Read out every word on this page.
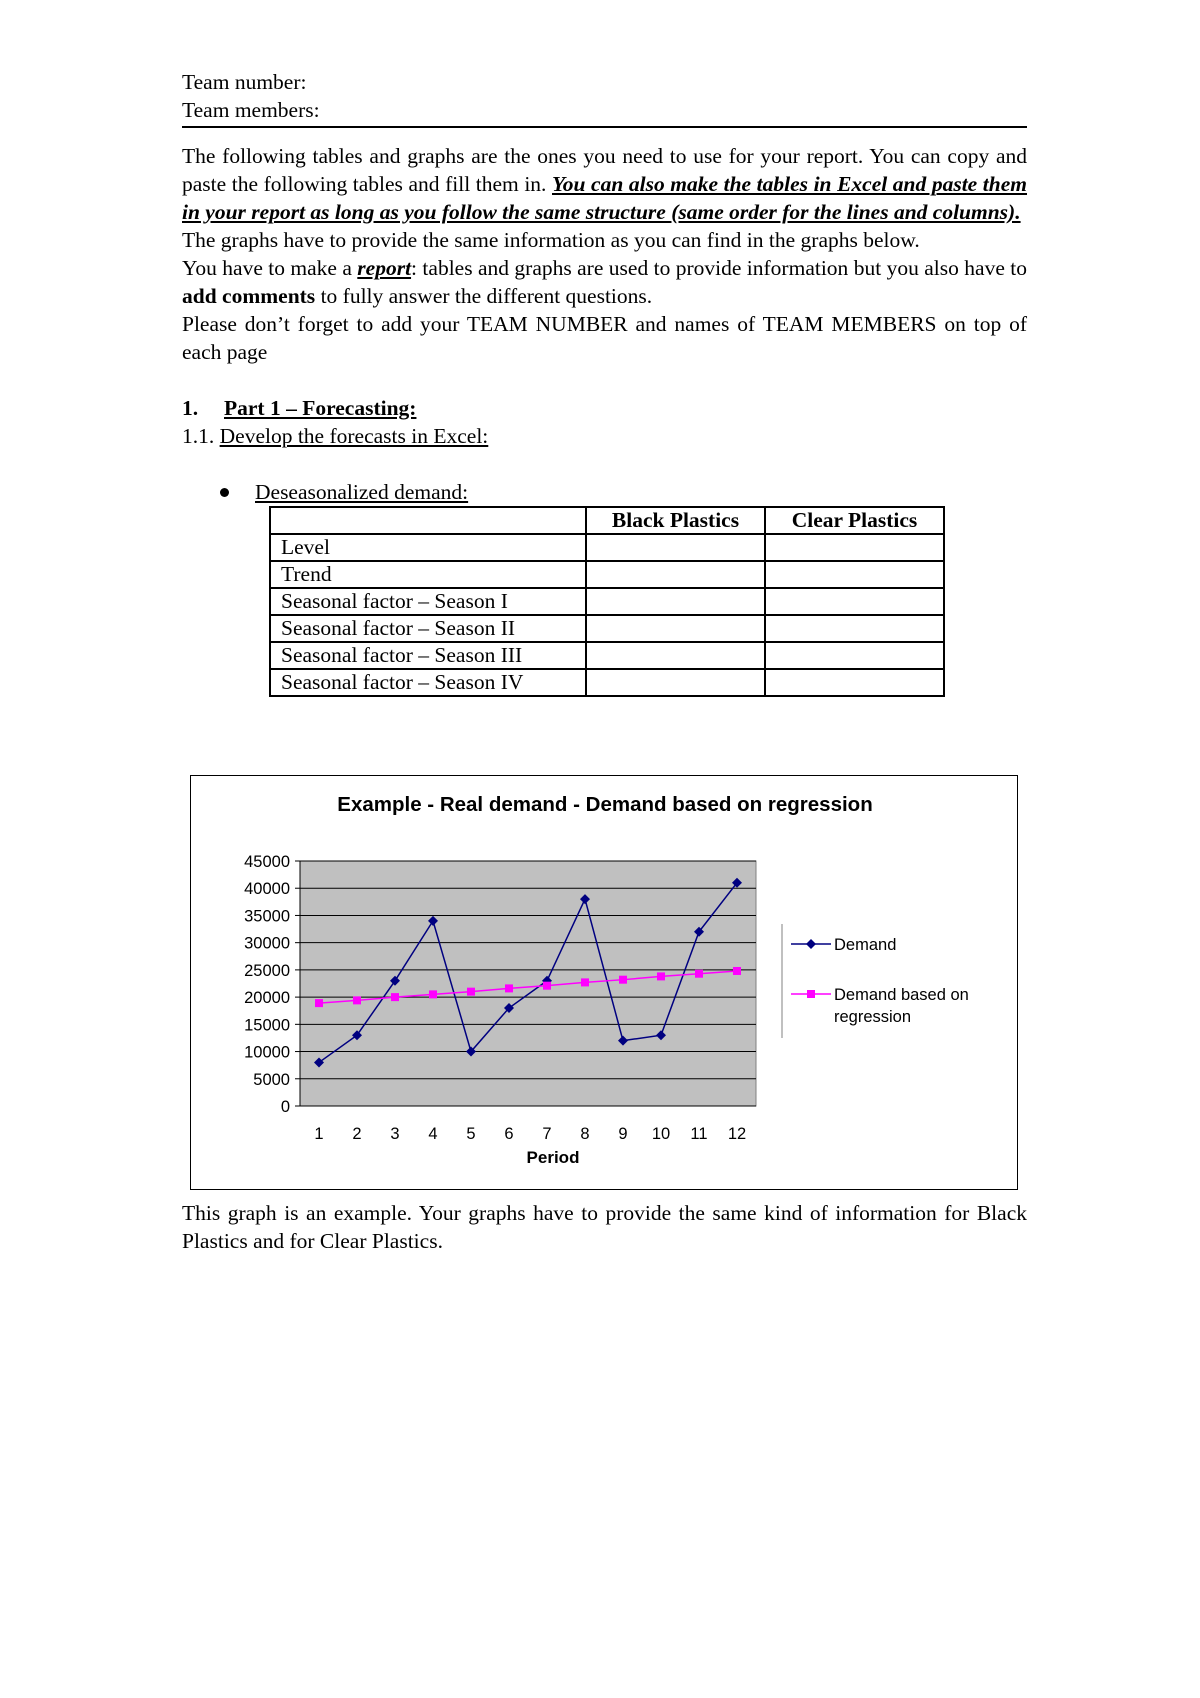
Team number:
Team members:

The following tables and graphs are the ones you need to use for your report. You can copy and paste the following tables and fill them in. You can also make the tables in Excel and paste them in your report as long as you follow the same structure (same order for the lines and columns).

The graphs have to provide the same information as you can find in the graphs below.

You have to make a report: tables and graphs are used to provide information but you also have to add comments to fully answer the different questions.

Please don’t forget to add your TEAM NUMBER and names of TEAM MEMBERS on top of each page

1. Part 1 – Forecasting:

1.1. Develop the forecasts in Excel:

Deseasonalized demand:
	Black Plastics	Clear Plastics
Level		
Trend		
Seasonal factor – Season I		
Seasonal factor – Season II		
Seasonal factor – Season III		
Seasonal factor – Season IV		
Example - Real demand - Demand based on regression
Period
0
5000
10000
15000
20000
25000
30000
35000
40000
45000
1 2 3 4 5 6 7 8 9 10 11 12
Demand
Demand based on
regression

This graph is an example. Your graphs have to provide the same kind of information for Black Plastics and for Clear Plastics.
